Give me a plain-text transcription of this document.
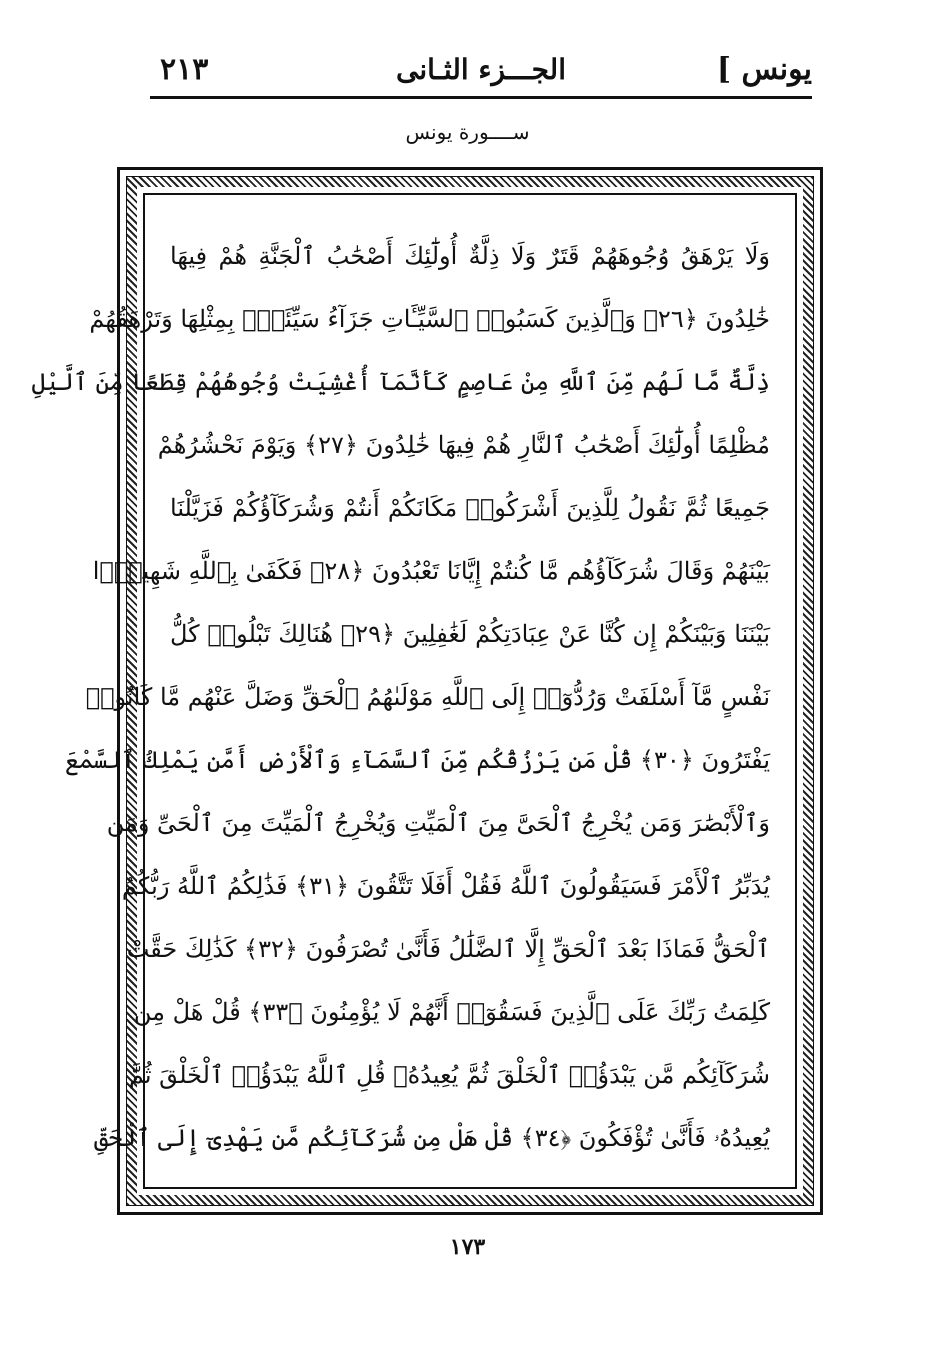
يونس ]
الجـــزء الثـانى
٢١٣
ســــورة يونس
وَلَا يَرْهَقُ وُجُوهَهُمْ قَتَرٌ وَلَا ذِلَّةٌ أُولَٰٓئِكَ أَصْحَٰبُ ٱلْجَنَّةِ هُمْ فِيهَا
خَٰلِدُونَ ﴿٢٦﴾ وَٱلَّذِينَ كَسَبُوا۟ ٱلسَّيِّـَٔاتِ جَزَآءُ سَيِّئَةٍۭ بِمِثْلِهَا وَتَرْهَقُهُمْ
ذِلَّةٌ مَّا لَهُم مِّنَ ٱللَّهِ مِنْ عَاصِمٍ كَأَنَّمَآ أُغْشِيَتْ وُجُوهُهُمْ قِطَعًا مِّنَ ٱلَّيْلِ
مُظْلِمًا أُولَٰٓئِكَ أَصْحَٰبُ ٱلنَّارِ هُمْ فِيهَا خَٰلِدُونَ ﴿٢٧﴾ وَيَوْمَ نَحْشُرُهُمْ
جَمِيعًا ثُمَّ نَقُولُ لِلَّذِينَ أَشْرَكُوا۟ مَكَانَكُمْ أَنتُمْ وَشُرَكَآؤُكُمْ فَزَيَّلْنَا
بَيْنَهُمْ وَقَالَ شُرَكَآؤُهُم مَّا كُنتُمْ إِيَّانَا تَعْبُدُونَ ﴿٢٨﴾ فَكَفَىٰ بِٱللَّهِ شَهِيدًۢا
بَيْنَنَا وَبَيْنَكُمْ إِن كُنَّا عَنْ عِبَادَتِكُمْ لَغَٰفِلِينَ ﴿٢٩﴾ هُنَالِكَ تَبْلُوا۟ كُلُّ
نَفْسٍ مَّآ أَسْلَفَتْ وَرُدُّوٓا۟ إِلَى ٱللَّهِ مَوْلَىٰهُمُ ٱلْحَقِّ وَضَلَّ عَنْهُم مَّا كَانُوا۟
يَفْتَرُونَ ﴿٣٠﴾ قُلْ مَن يَرْزُقُكُم مِّنَ ٱلسَّمَآءِ وَٱلْأَرْضِ أَمَّن يَمْلِكُ ٱلسَّمْعَ
وَٱلْأَبْصَٰرَ وَمَن يُخْرِجُ ٱلْحَىَّ مِنَ ٱلْمَيِّتِ وَيُخْرِجُ ٱلْمَيِّتَ مِنَ ٱلْحَىِّ وَمَن
يُدَبِّرُ ٱلْأَمْرَ فَسَيَقُولُونَ ٱللَّهُ فَقُلْ أَفَلَا تَتَّقُونَ ﴿٣١﴾ فَذَٰلِكُمُ ٱللَّهُ رَبُّكُمُ
ٱلْحَقُّ فَمَاذَا بَعْدَ ٱلْحَقِّ إِلَّا ٱلضَّلَٰلُ فَأَنَّىٰ تُصْرَفُونَ ﴿٣٢﴾ كَذَٰلِكَ حَقَّتْ
كَلِمَتُ رَبِّكَ عَلَى ٱلَّذِينَ فَسَقُوٓا۟ أَنَّهُمْ لَا يُؤْمِنُونَ ﴿٣٣﴾ قُلْ هَلْ مِن
شُرَكَآئِكُم مَّن يَبْدَؤُا۟ ٱلْخَلْقَ ثُمَّ يُعِيدُهُۥ قُلِ ٱللَّهُ يَبْدَؤُا۟ ٱلْخَلْقَ ثُمَّ
يُعِيدُهُۥ فَأَنَّىٰ تُؤْفَكُونَ ﴿٣٤﴾ قُلْ هَلْ مِن شُرَكَآئِكُم مَّن يَهْدِىٓ إِلَى ٱلْحَقِّ
١٧٣
